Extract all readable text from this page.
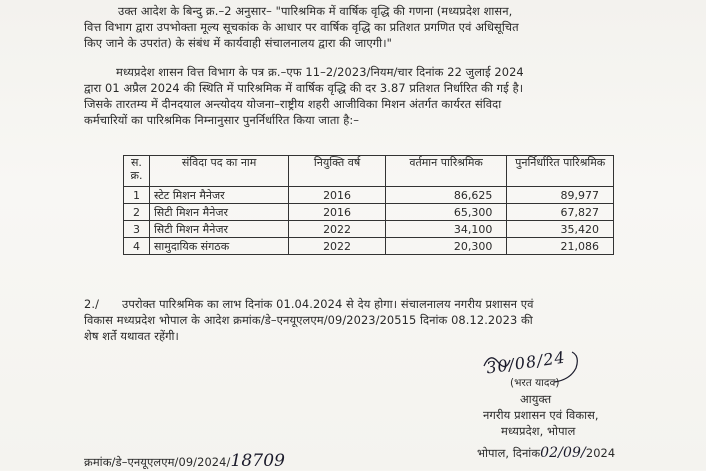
उक्त आदेश के बिन्दु क्र.–2 अनुसार– "पारिश्रमिक में वार्षिक वृद्धि की गणना (मध्यप्रदेश शासन,
वित्त विभाग द्वारा उपभोक्ता मूल्य सूचकांक के आधार पर वार्षिक वृद्धि का प्रतिशत प्रगणित एवं अधिसूचित
किए जाने के उपरांत) के संबंध में कार्यवाही संचालनालय द्वारा की जाएगी।"
मध्यप्रदेश शासन वित्त विभाग के पत्र क्र.–एफ 11–2/2023/नियम/चार दिनांक 22 जुलाई 2024
द्वारा 01 अप्रैल 2024 की स्थिति में पारिश्रमिक में वार्षिक वृद्धि की दर 3.87 प्रतिशत निर्धारित की गई है।
जिसके तारतम्य में दीनदयाल अन्त्योदय योजना–राष्ट्रीय शहरी आजीविका मिशन अंतर्गत कार्यरत संविदा
कर्मचारियों का पारिश्रमिक निम्नानुसार पुनर्निर्धारित किया जाता है:–
स. क्र.	संविदा पद का नाम	नियुक्ति वर्ष	वर्तमान पारिश्रमिक	पुनर्निर्धारित पारिश्रमिक
1	स्टेट मिशन मैनेजर	2016	86,625	89,977
2	सिटी मिशन मैनेजर	2016	65,300	67,827
3	सिटी मिशन मैनेजर	2022	34,100	35,420
4	सामुदायिक संगठक	2022	20,300	21,086
2./ उपरोक्त पारिश्रमिक का लाभ दिनांक 01.04.2024 से देय होगा। संचालनालय नगरीय प्रशासन एवं
विकास मध्यप्रदेश भोपाल के आदेश क्रमांक/डे–एनयूएलएम/09/2023/20515 दिनांक 08.12.2023 की
शेष शर्ते यथावत रहेंगी।
30/08/24
(भरत यादव)
आयुक्त
नगरीय प्रशासन एवं विकास,
मध्यप्रदेश, भोपाल
भोपाल, दिनांक02/09/2024
क्रमांक/डे–एनयूएलएम/09/2024/18709
